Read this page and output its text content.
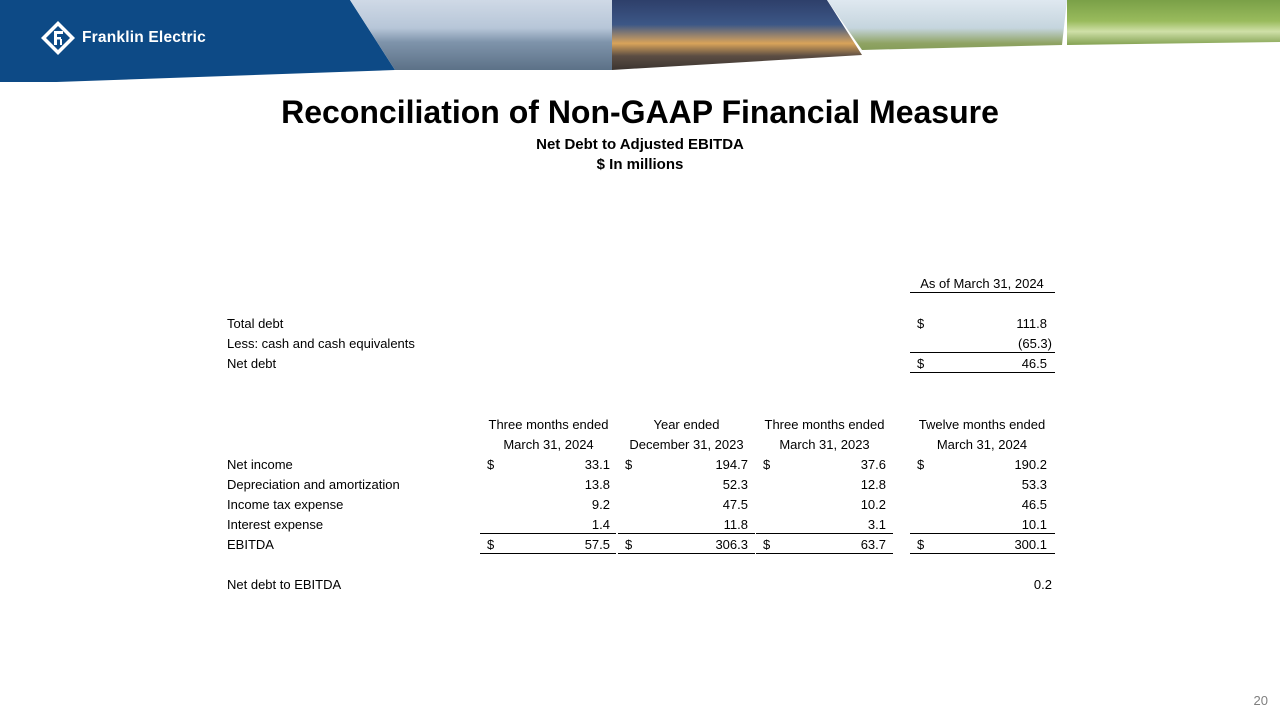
Franklin Electric
Reconciliation of Non-GAAP Financial Measure
Net Debt to Adjusted EBITDA
$ In millions
As of March 31, 2024
Total debt	$	111.8
Less: cash and cash equivalents	(65.3)
Net debt	$	46.5
Three months ended
March 31, 2024
Year ended
December 31, 2023
Three months ended
March 31, 2023
Twelve months ended
March 31, 2024
Net income	$	33.1 $	194.7 $	37.6 $	190.2
Depreciation and amortization	13.8	52.3	12.8	53.3
Income tax expense	9.2	47.5	10.2	46.5
Interest expense	1.4	11.8	3.1	10.1
EBITDA	$	57.5 $	306.3 $	63.7 $	300.1
Net debt to EBITDA	0.2
20
